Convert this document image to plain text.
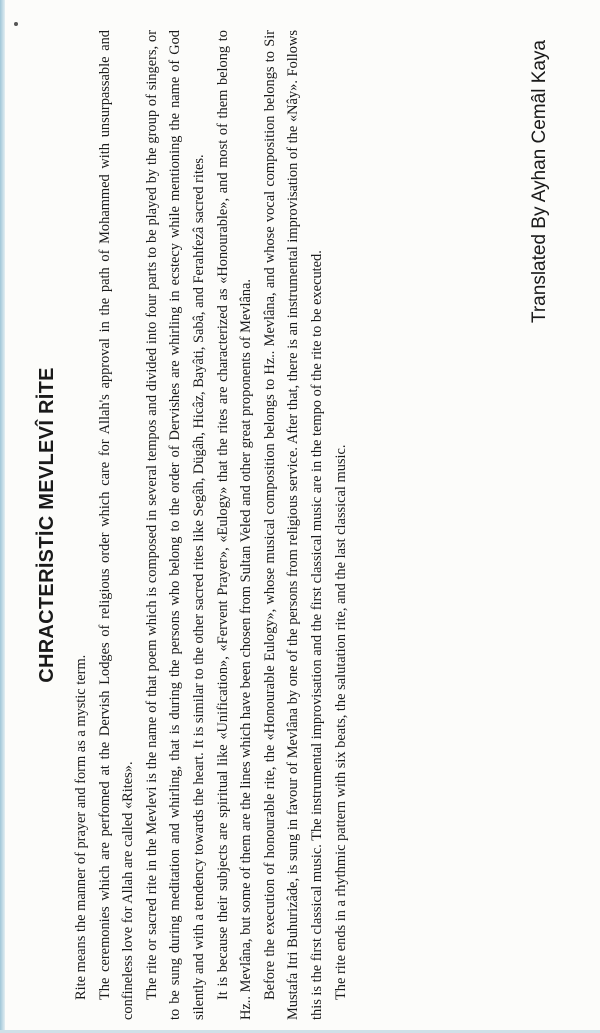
CHRACTERİSTİC MEVLEVÎ RİTE

Rite means the manner of prayer and form as a mystic term. The ceremonies which are perfomed at the Dervish Lodges of religious order which care for Allah's approval in the path of Mohammed with unsurpassable and confineless love for Allah are called «Rites». The rite or sacred rite in the Mevlevi is the name of that poem which is composed in several tempos and divided into four parts to be played by the group of singers, or to be sung during meditation and whirling, that is during the persons who belong to the order of Dervishes are whirling in ecstecy while mentioning the name of God silently and with a tendency towards the heart. It is similar to the other sacred rites like Segâh, Dügâh, Hicâz, Bayâti, Sabâ, and Ferahfezâ sacred rites. It is because their subjects are spiritual like «Unification», «Fervent Prayer», «Eulogy» that the rites are characterized as «Honourable», and most of them belong to Hz.. Mevlâna, but some of them are the lines which have been chosen from Sultan Veled and other great proponents of Mevlâna. Before the execution of honourable rite, the «Honourable Eulogy», whose musical composition belongs to Hz.. Mevlâna, and whose vocal composition belongs to Sir Mustafa Itri Buhurizâde, is sung in favour of Mevlâna by one of the persons from religious service. After that, there is an instrumental improvisation of the «Nây». Follows this is the first classical music. The instrumental improvisation and the first classical music are in the tempo of the rite to be executed. The rite ends in a rhythmic pattern with six beats, the salutation rite, and the last classical music.

Translated By Ayhan Cemâl Kaya
